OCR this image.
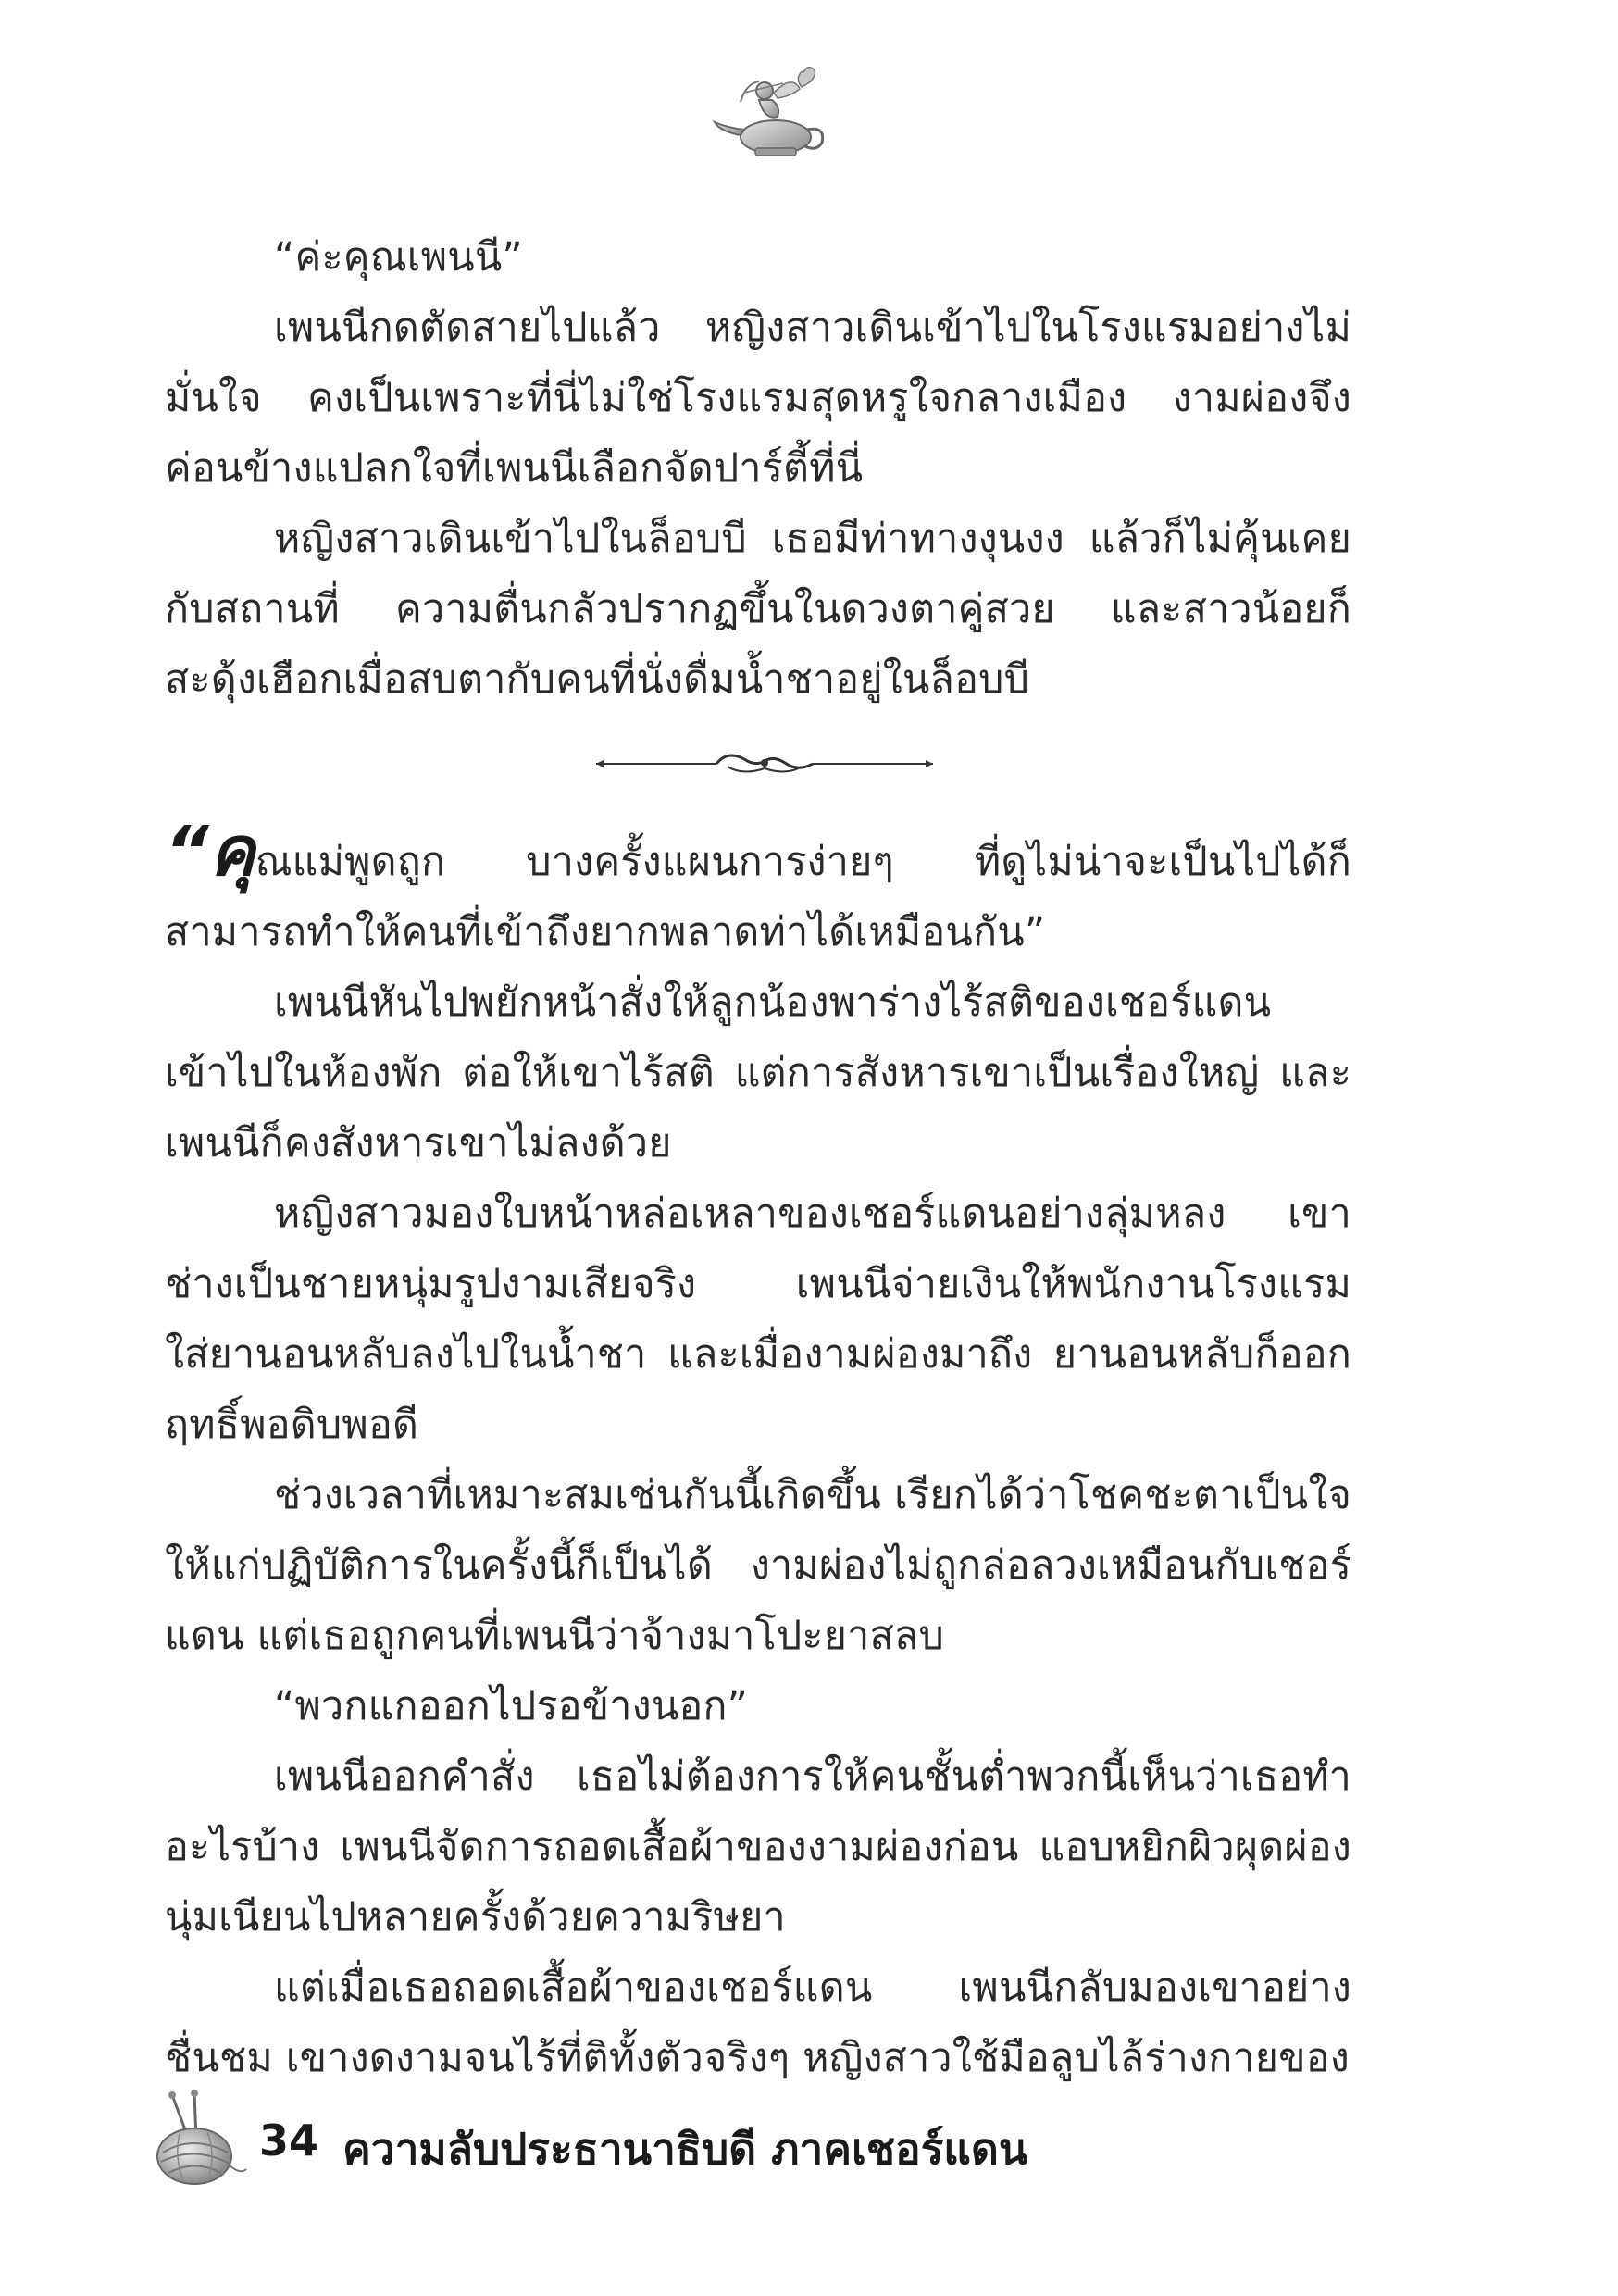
“ค่ะคุณเพนนี”

เพนนีกดตัดสายไปแล้ว หญิงสาวเดินเข้าไปในโรงแรมอย่างไม่มั่นใจ คงเป็นเพราะที่นี่ไม่ใช่โรงแรมสุดหรูใจกลางเมือง งามผ่องจึงค่อนข้างแปลกใจที่เพนนีเลือกจัดปาร์ตี้ที่นี่

หญิงสาวเดินเข้าไปในล็อบบี เธอมีท่าทางงุนงง แล้วก็ไม่คุ้นเคยกับสถานที่ ความตื่นกลัวปรากฏขึ้นในดวงตาคู่สวย และสาวน้อยก็สะดุ้งเฮือกเมื่อสบตากับคนที่นั่งดื่มน้ำชาอยู่ในล็อบบี

“คุณแม่พูดถูก บางครั้งแผนการง่ายๆ ที่ดูไม่น่าจะเป็นไปได้ก็สามารถทำให้คนที่เข้าถึงยากพลาดท่าได้เหมือนกัน”

เพนนีหันไปพยักหน้าสั่งให้ลูกน้องพาร่างไร้สติของเชอร์แดนเข้าไปในห้องพัก ต่อให้เขาไร้สติ แต่การสังหารเขาเป็นเรื่องใหญ่ และเพนนีก็คงสังหารเขาไม่ลงด้วย

หญิงสาวมองใบหน้าหล่อเหลาของเชอร์แดนอย่างลุ่มหลง เขาช่างเป็นชายหนุ่มรูปงามเสียจริง เพนนีจ่ายเงินให้พนักงานโรงแรมใส่ยานอนหลับลงไปในน้ำชา และเมื่องามผ่องมาถึง ยานอนหลับก็ออกฤทธิ์พอดิบพอดี

ช่วงเวลาที่เหมาะสมเช่นกันนี้เกิดขึ้น เรียกได้ว่าโชคชะตาเป็นใจให้แก่ปฏิบัติการในครั้งนี้ก็เป็นได้ งามผ่องไม่ถูกล่อลวงเหมือนกับเชอร์แดน แต่เธอถูกคนที่เพนนีว่าจ้างมาโปะยาสลบ

“พวกแกออกไปรอข้างนอก”

เพนนีออกคำสั่ง เธอไม่ต้องการให้คนชั้นต่ำพวกนี้เห็นว่าเธอทำอะไรบ้าง เพนนีจัดการถอดเสื้อผ้าของงามผ่องก่อน แอบหยิกผิวผุดผ่องนุ่มเนียนไปหลายครั้งด้วยความริษยา

แต่เมื่อเธอถอดเสื้อผ้าของเชอร์แดน เพนนีกลับมองเขาอย่างชื่นชม เขางดงามจนไร้ที่ติทั้งตัวจริงๆ หญิงสาวใช้มือลูบไล้ร่างกายของ

34 ความลับประธานาธิบดี ภาคเชอร์แดน
